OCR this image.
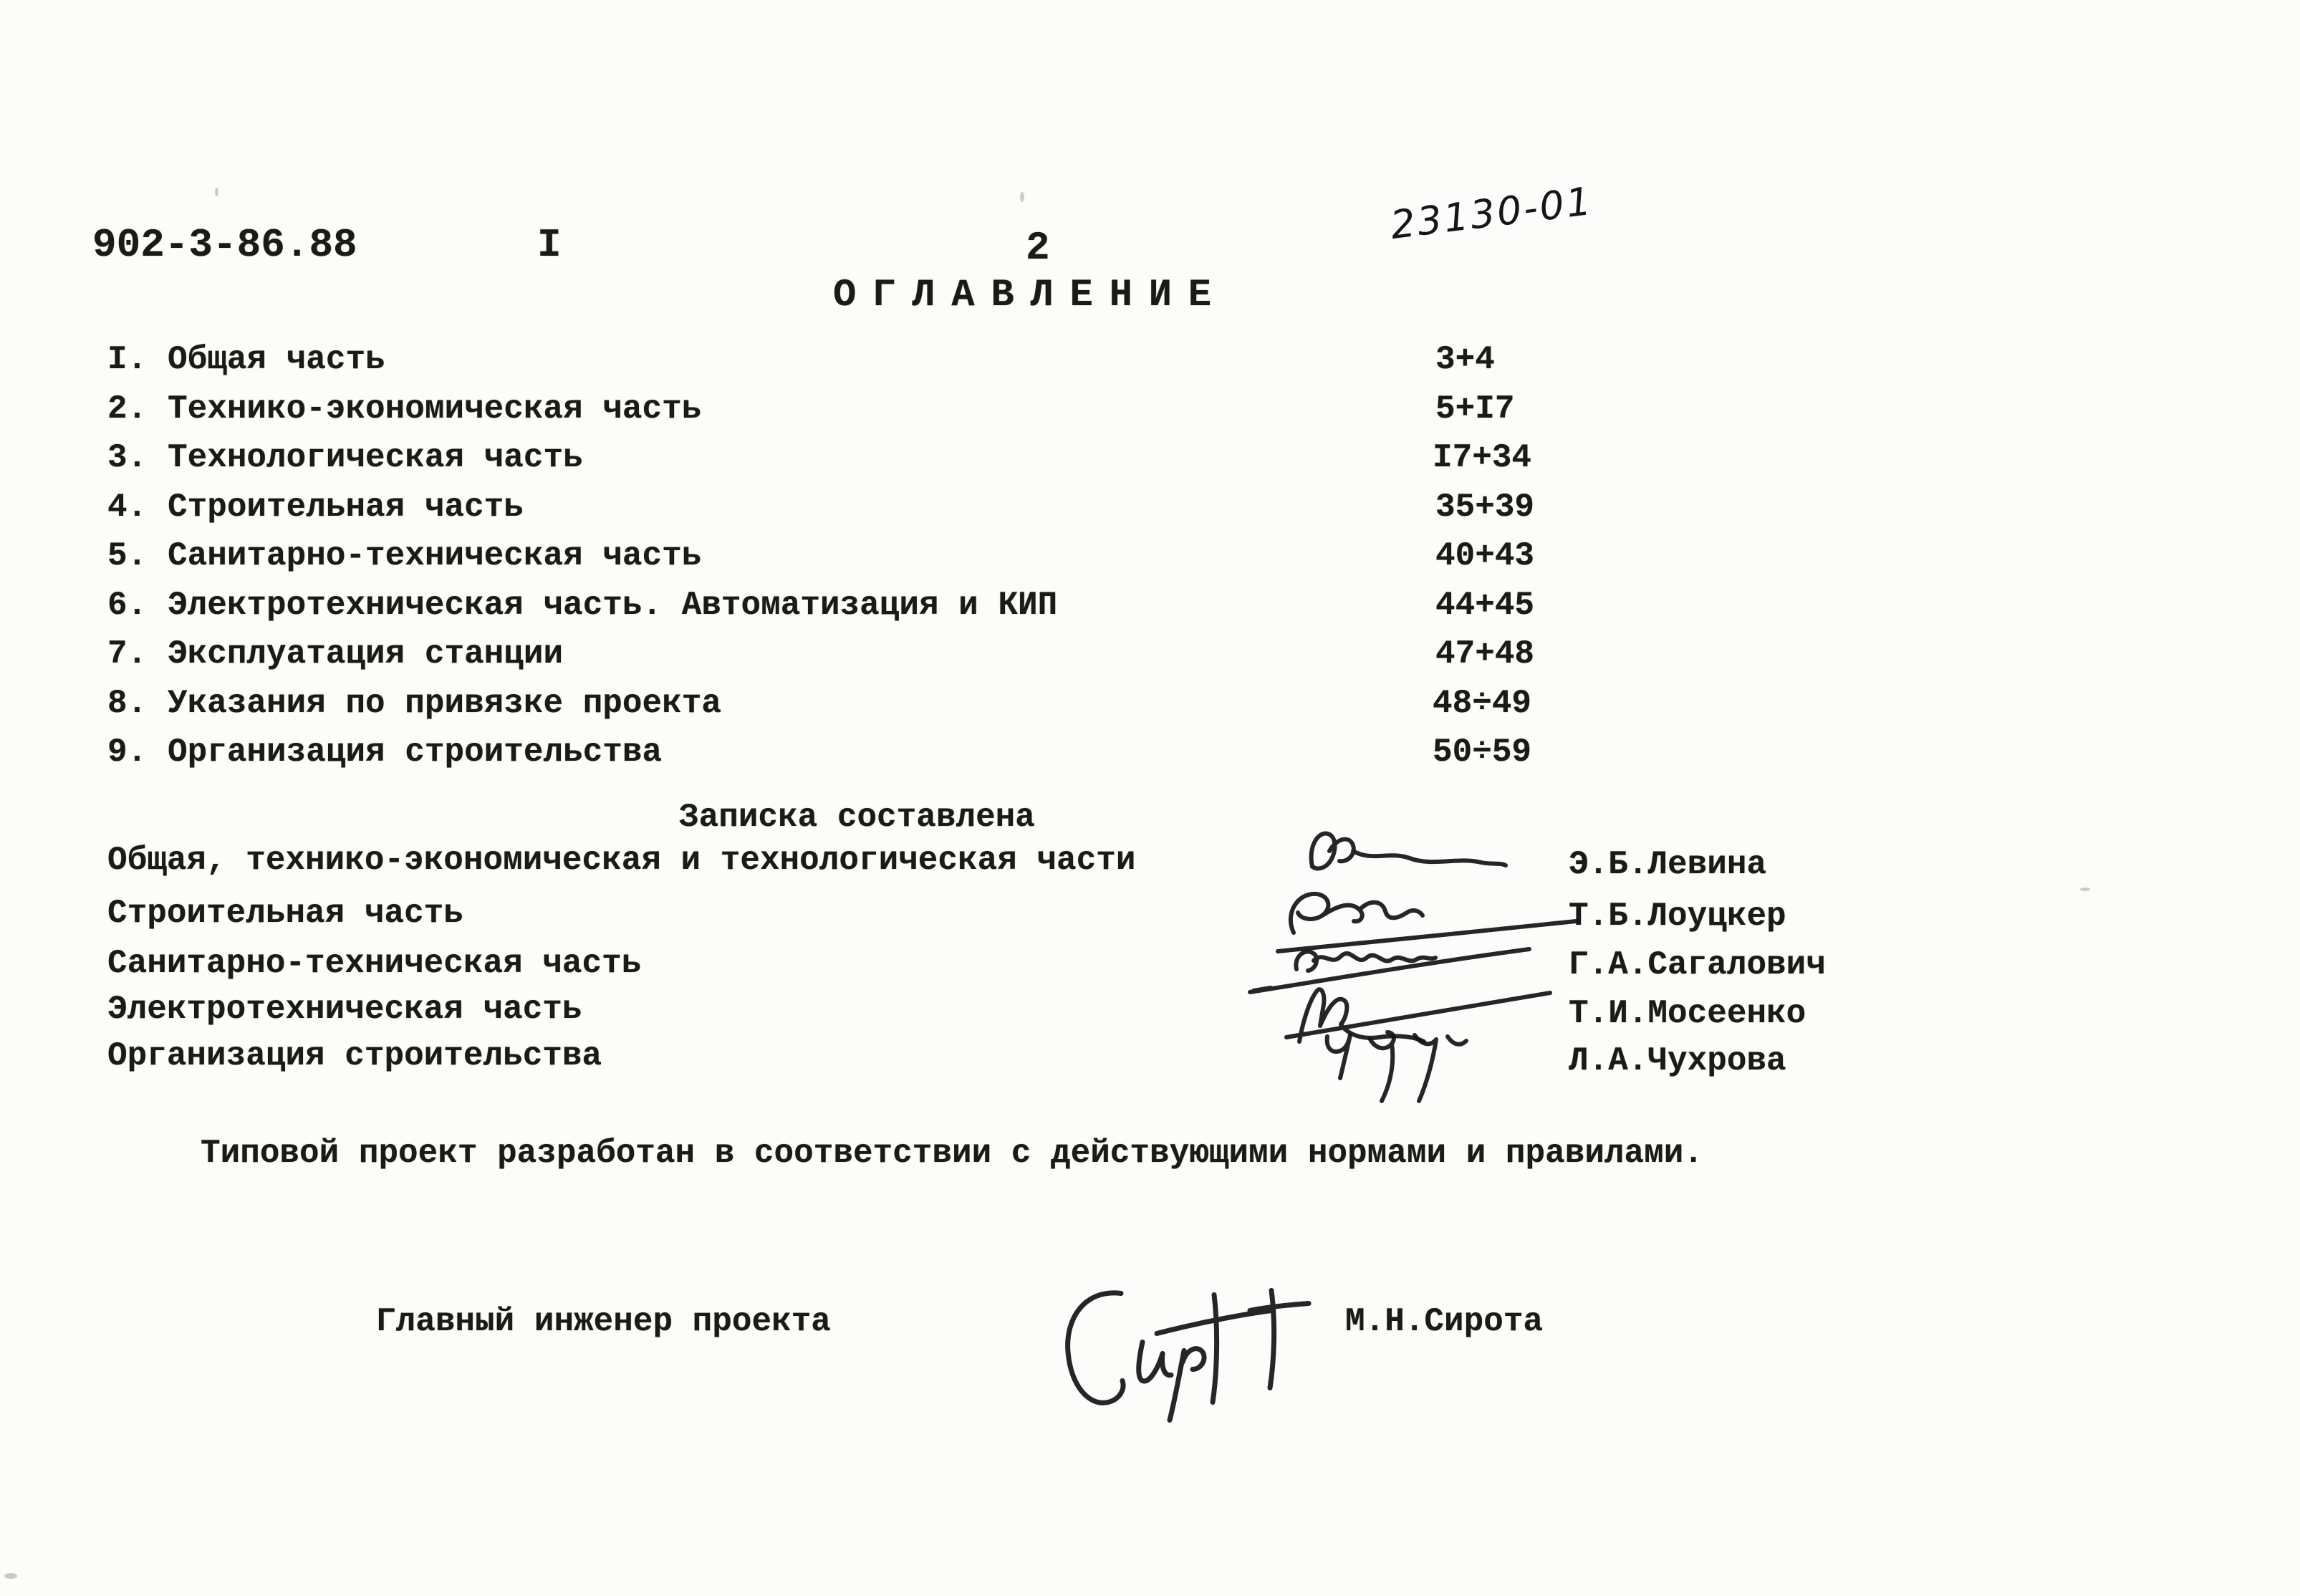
902-3-86.88	I	2
23130-01
ОГЛАВЛЕНИЕ
I. Общая часть	3+4
2. Технико-экономическая часть	5+I7
3. Технологическая часть	I7+34
4. Строительная часть	35+39
5. Санитарно-техническая часть	40+43
6. Электротехническая часть. Автоматизация и КИП	44+45
7. Эксплуатация станции	47+48
8. Указания по привязке проекта	48÷49
9. Организация строительства	50÷59
Записка составлена
Общая, технико-экономическая и технологическая части	Э.Б.Левина
Строительная часть	Т.Б.Лоуцкер
Санитарно-техническая часть	Г.А.Сагалович
Электротехническая часть	Т.И.Мосеенко
Организация строительства	Л.А.Чухрова
Типовой проект разработан в соответствии с действующими нормами и правилами.
Главный инженер проекта	М.Н.Сирота
